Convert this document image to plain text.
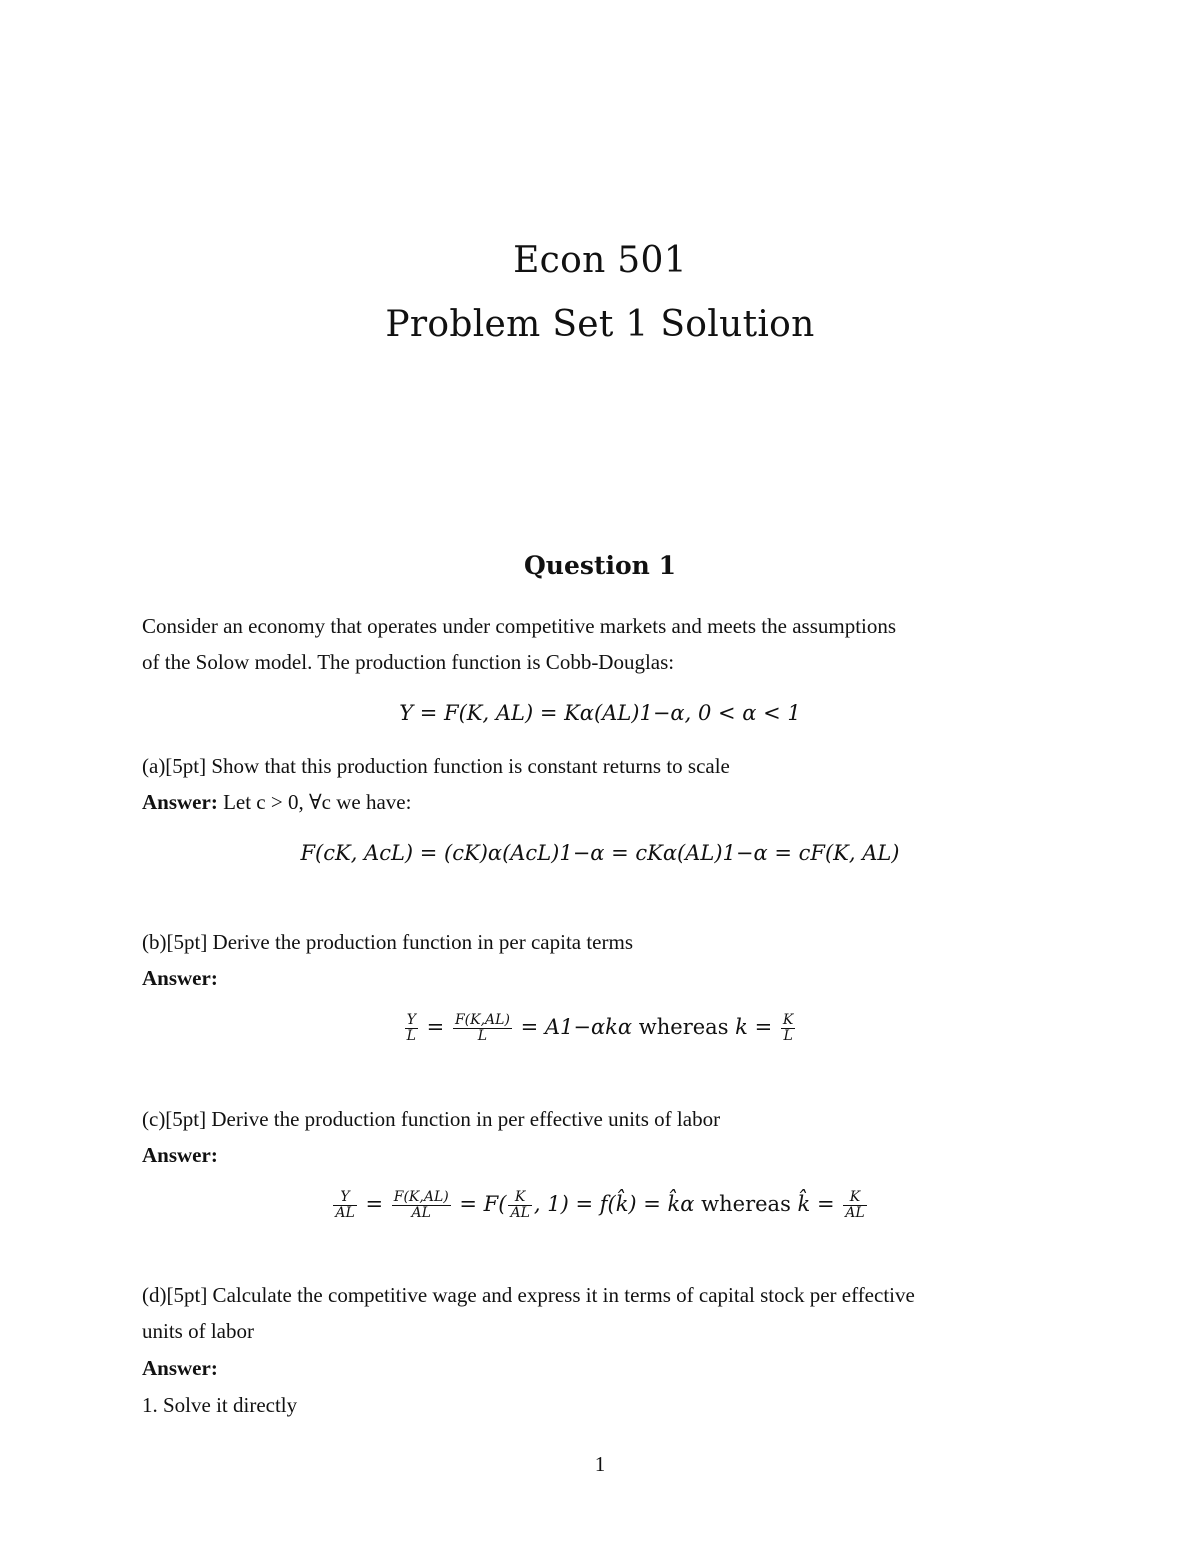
Econ 501
Problem Set 1 Solution
Question 1
Consider an economy that operates under competitive markets and meets the assumptions
of the Solow model. The production function is Cobb-Douglas:
Y = F(K, AL) = Kα(AL)1−α, 0 < α < 1
(a)[5pt] Show that this production function is constant returns to scale
Answer: Let c > 0, ∀c we have:
F(cK, AcL) = (cK)α(AcL)1−α = cKα(AL)1−α = cF(K, AL)
(b)[5pt] Derive the production function in per capita terms
Answer:
$\frac{Y}{L} = \frac{F(K,AL)}{L} = A1-\alpha k\alpha$ whereas $k = \frac{K}{L}$
(c)[5pt] Derive the production function in per effective units of labor
Answer:
$\frac{Y}{AL} = \frac{F(K,AL)}{AL} = F( \frac{K}{AL}$ , 1) = f(k̂) = k̂α whereas k̂ = $\frac{K}{AL}$
(d)[5pt] Calculate the competitive wage and express it in terms of capital stock per effective
units of labor
Answer:
1. Solve it directly
1
